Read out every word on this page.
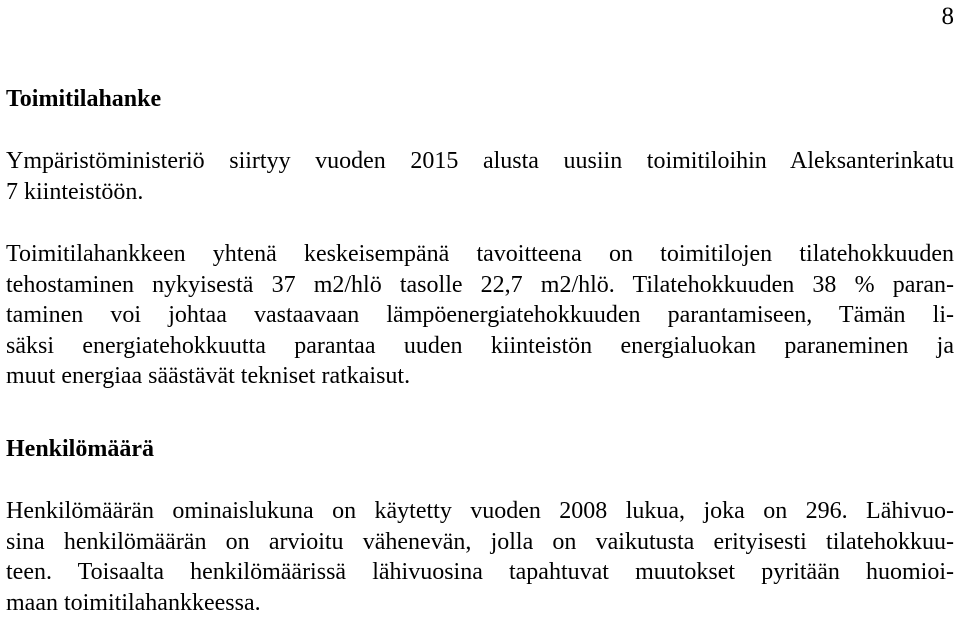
8
Toimitilahanke
Ympäristöministeriö siirtyy vuoden 2015 alusta uusiin toimitiloihin Aleksanterinkatu
7 kiinteistöön.
Toimitilahankkeen yhtenä keskeisempänä tavoitteena on toimitilojen tilatehokkuuden
tehostaminen nykyisestä 37 m2/hlö tasolle 22,7 m2/hlö. Tilatehokkuuden 38 % paran-
taminen voi johtaa vastaavaan lämpöenergiatehokkuuden parantamiseen, Tämän li-
säksi energiatehokkuutta parantaa uuden kiinteistön energialuokan paraneminen ja
muut energiaa säästävät tekniset ratkaisut.
Henkilömäärä
Henkilömäärän ominaislukuna on käytetty vuoden 2008 lukua, joka on 296. Lähivuo-
sina henkilömäärän on arvioitu vähenevän, jolla on vaikutusta erityisesti tilatehokkuu-
teen. Toisaalta henkilömäärissä lähivuosina tapahtuvat muutokset pyritään huomioi-
maan toimitilahankkeessa.
